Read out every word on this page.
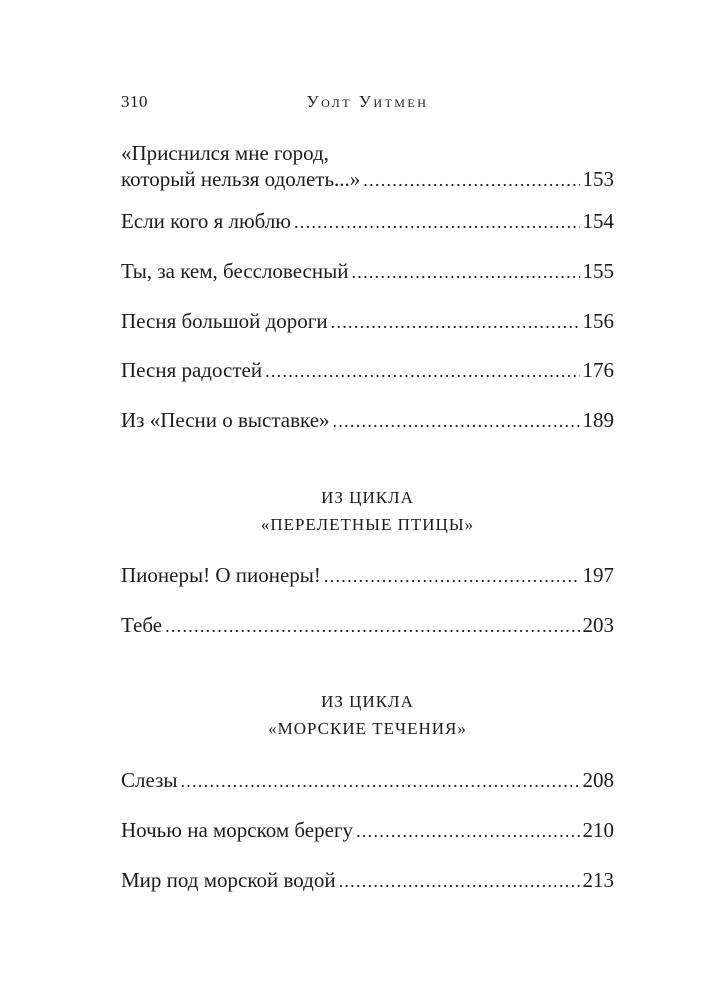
310	Уолт Уитмен
«Приснился мне город,
который нельзя одолеть...» . . .	153
Если кого я люблю . . .	154
Ты, за кем, бессловесный . . .	155
Песня большой дороги . . .	156
Песня радостей . . .	176
Из «Песни о выставке» . . .	189
ИЗ ЦИКЛА
«ПЕРЕЛЕТНЫЕ ПТИЦЫ»
Пионеры! О пионеры! . . .	197
Тебе . . .	203
ИЗ ЦИКЛА
«МОРСКИЕ ТЕЧЕНИЯ»
Слезы . . .	208
Ночью на морском берегу . . .	210
Мир под морской водой . . .	213
